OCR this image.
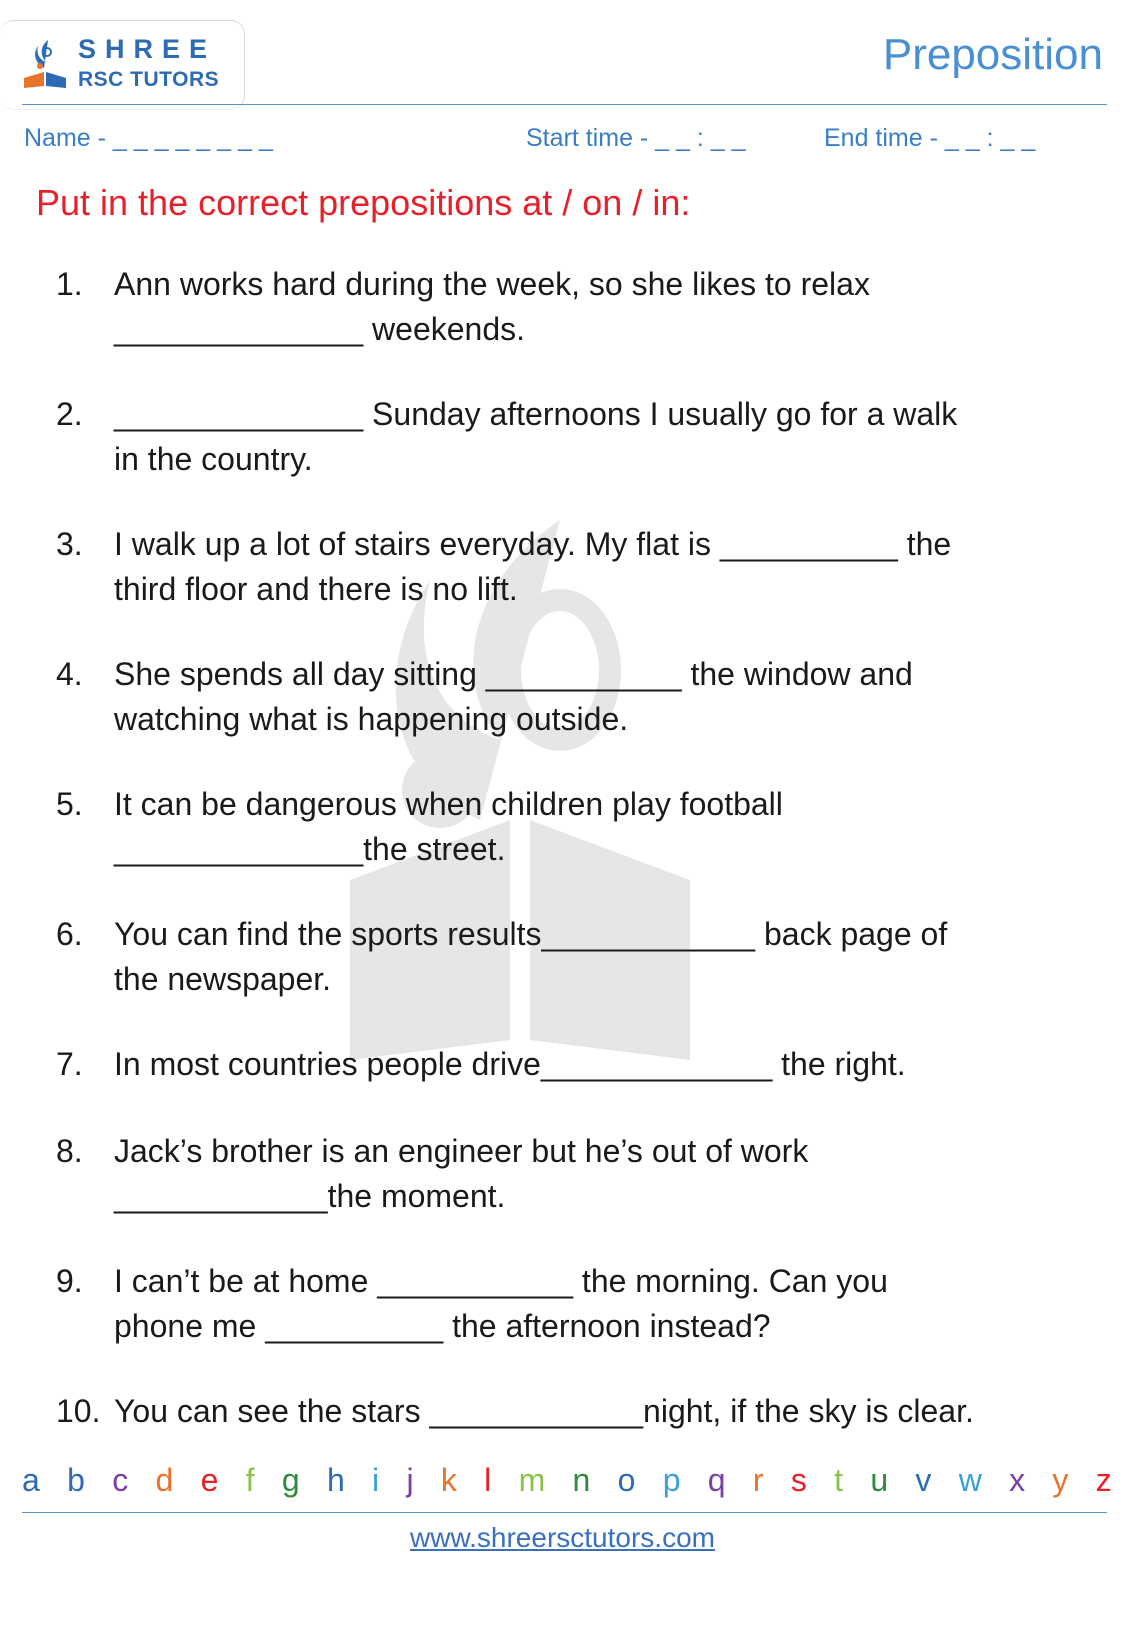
SHREE
RSC TUTORS
Preposition
Name - _ _ _ _ _ _ _ _	Start time - _ _ : _ _	End time - _ _ : _ _
Put in the correct prepositions at / on / in:
1. Ann works hard during the week, so she likes to relax
______________ weekends.
2. ______________ Sunday afternoons I usually go for a walk
in the country.
3. I walk up a lot of stairs everyday. My flat is __________ the
third floor and there is no lift.
4. She spends all day sitting ___________ the window and
watching what is happening outside.
5. It can be dangerous when children play football
______________the street.
6. You can find the sports results____________ back page of
the newspaper.
7. In most countries people drive_____________ the right.
8. Jack’s brother is an engineer but he’s out of work
____________the moment.
9. I can’t be at home ___________ the morning. Can you
phone me __________ the afternoon instead?
10. You can see the stars ____________night, if the sky is clear.
a b c d e f g h i j k l m n o p q r s t u v w x y z
www.shreersctutors.com
